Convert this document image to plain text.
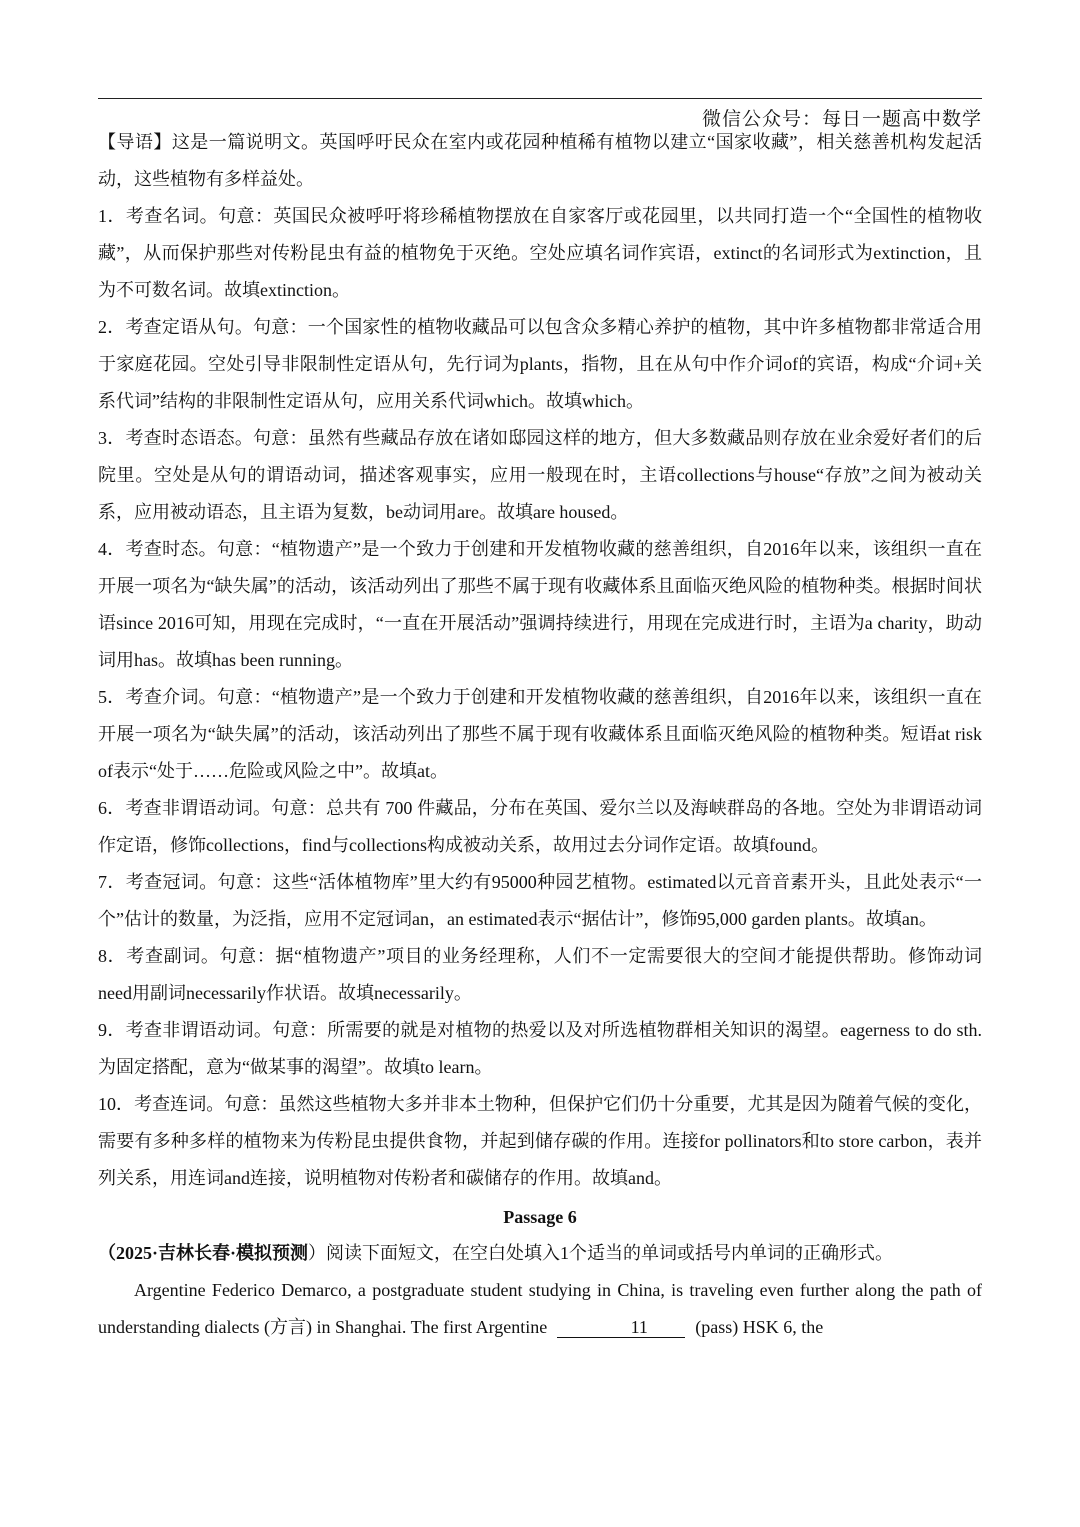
微信公众号：每日一题高中数学

【导语】这是一篇说明文。英国呼吁民众在室内或花园种植稀有植物以建立“国家收藏”，相关慈善机构发起活动，这些植物有多样益处。

1．考查名词。句意：英国民众被呼吁将珍稀植物摆放在自家客厅或花园里，以共同打造一个“全国性的植物收藏”，从而保护那些对传粉昆虫有益的植物免于灭绝。空处应填名词作宾语，extinct的名词形式为extinction，且为不可数名词。故填extinction。

2．考查定语从句。句意：一个国家性的植物收藏品可以包含众多精心养护的植物，其中许多植物都非常适合用于家庭花园。空处引导非限制性定语从句，先行词为plants，指物，且在从句中作介词of的宾语，构成“介词+关系代词”结构的非限制性定语从句，应用关系代词which。故填which。

3．考查时态语态。句意：虽然有些藏品存放在诸如邸园这样的地方，但大多数藏品则存放在业余爱好者们的后院里。空处是从句的谓语动词，描述客观事实，应用一般现在时，主语collections与house“存放”之间为被动关系，应用被动语态，且主语为复数，be动词用are。故填are housed。

4．考查时态。句意：“植物遗产”是一个致力于创建和开发植物收藏的慈善组织，自2016年以来，该组织一直在开展一项名为“缺失属”的活动，该活动列出了那些不属于现有收藏体系且面临灭绝风险的植物种类。根据时间状语since 2016可知，用现在完成时，“一直在开展活动”强调持续进行，用现在完成进行时，主语为a charity，助动词用has。故填has been running。

5．考查介词。句意：“植物遗产”是一个致力于创建和开发植物收藏的慈善组织，自2016年以来，该组织一直在开展一项名为“缺失属”的活动，该活动列出了那些不属于现有收藏体系且面临灭绝风险的植物种类。短语at risk of表示“处于……危险或风险之中”。故填at。

6．考查非谓语动词。句意：总共有 700 件藏品，分布在英国、爱尔兰以及海峡群岛的各地。空处为非谓语动词作定语，修饰collections，find与collections构成被动关系，故用过去分词作定语。故填found。

7．考查冠词。句意：这些“活体植物库”里大约有95000种园艺植物。estimated以元音音素开头，且此处表示“一个”估计的数量，为泛指，应用不定冠词an，an estimated表示“据估计”，修饰95,000 garden plants。故填an。

8．考查副词。句意：据“植物遗产”项目的业务经理称，人们不一定需要很大的空间才能提供帮助。修饰动词need用副词necessarily作状语。故填necessarily。

9．考查非谓语动词。句意：所需要的就是对植物的热爱以及对所选植物群相关知识的渴望。eagerness to do sth.为固定搭配，意为“做某事的渴望”。故填to learn。

10．考查连词。句意：虽然这些植物大多并非本土物种，但保护它们仍十分重要，尤其是因为随着气候的变化，需要有多种多样的植物来为传粉昆虫提供食物，并起到储存碳的作用。连接for pollinators和to store carbon，表并列关系，用连词and连接，说明植物对传粉者和碳储存的作用。故填and。

Passage 6

（2025·吉林长春·模拟预测）阅读下面短文，在空白处填入1个适当的单词或括号内单词的正确形式。

Argentine Federico Demarco, a postgraduate student studying in China, is traveling even further along the path of understanding dialects (方言) in Shanghai. The first Argentine	11	(pass) HSK 6, the
